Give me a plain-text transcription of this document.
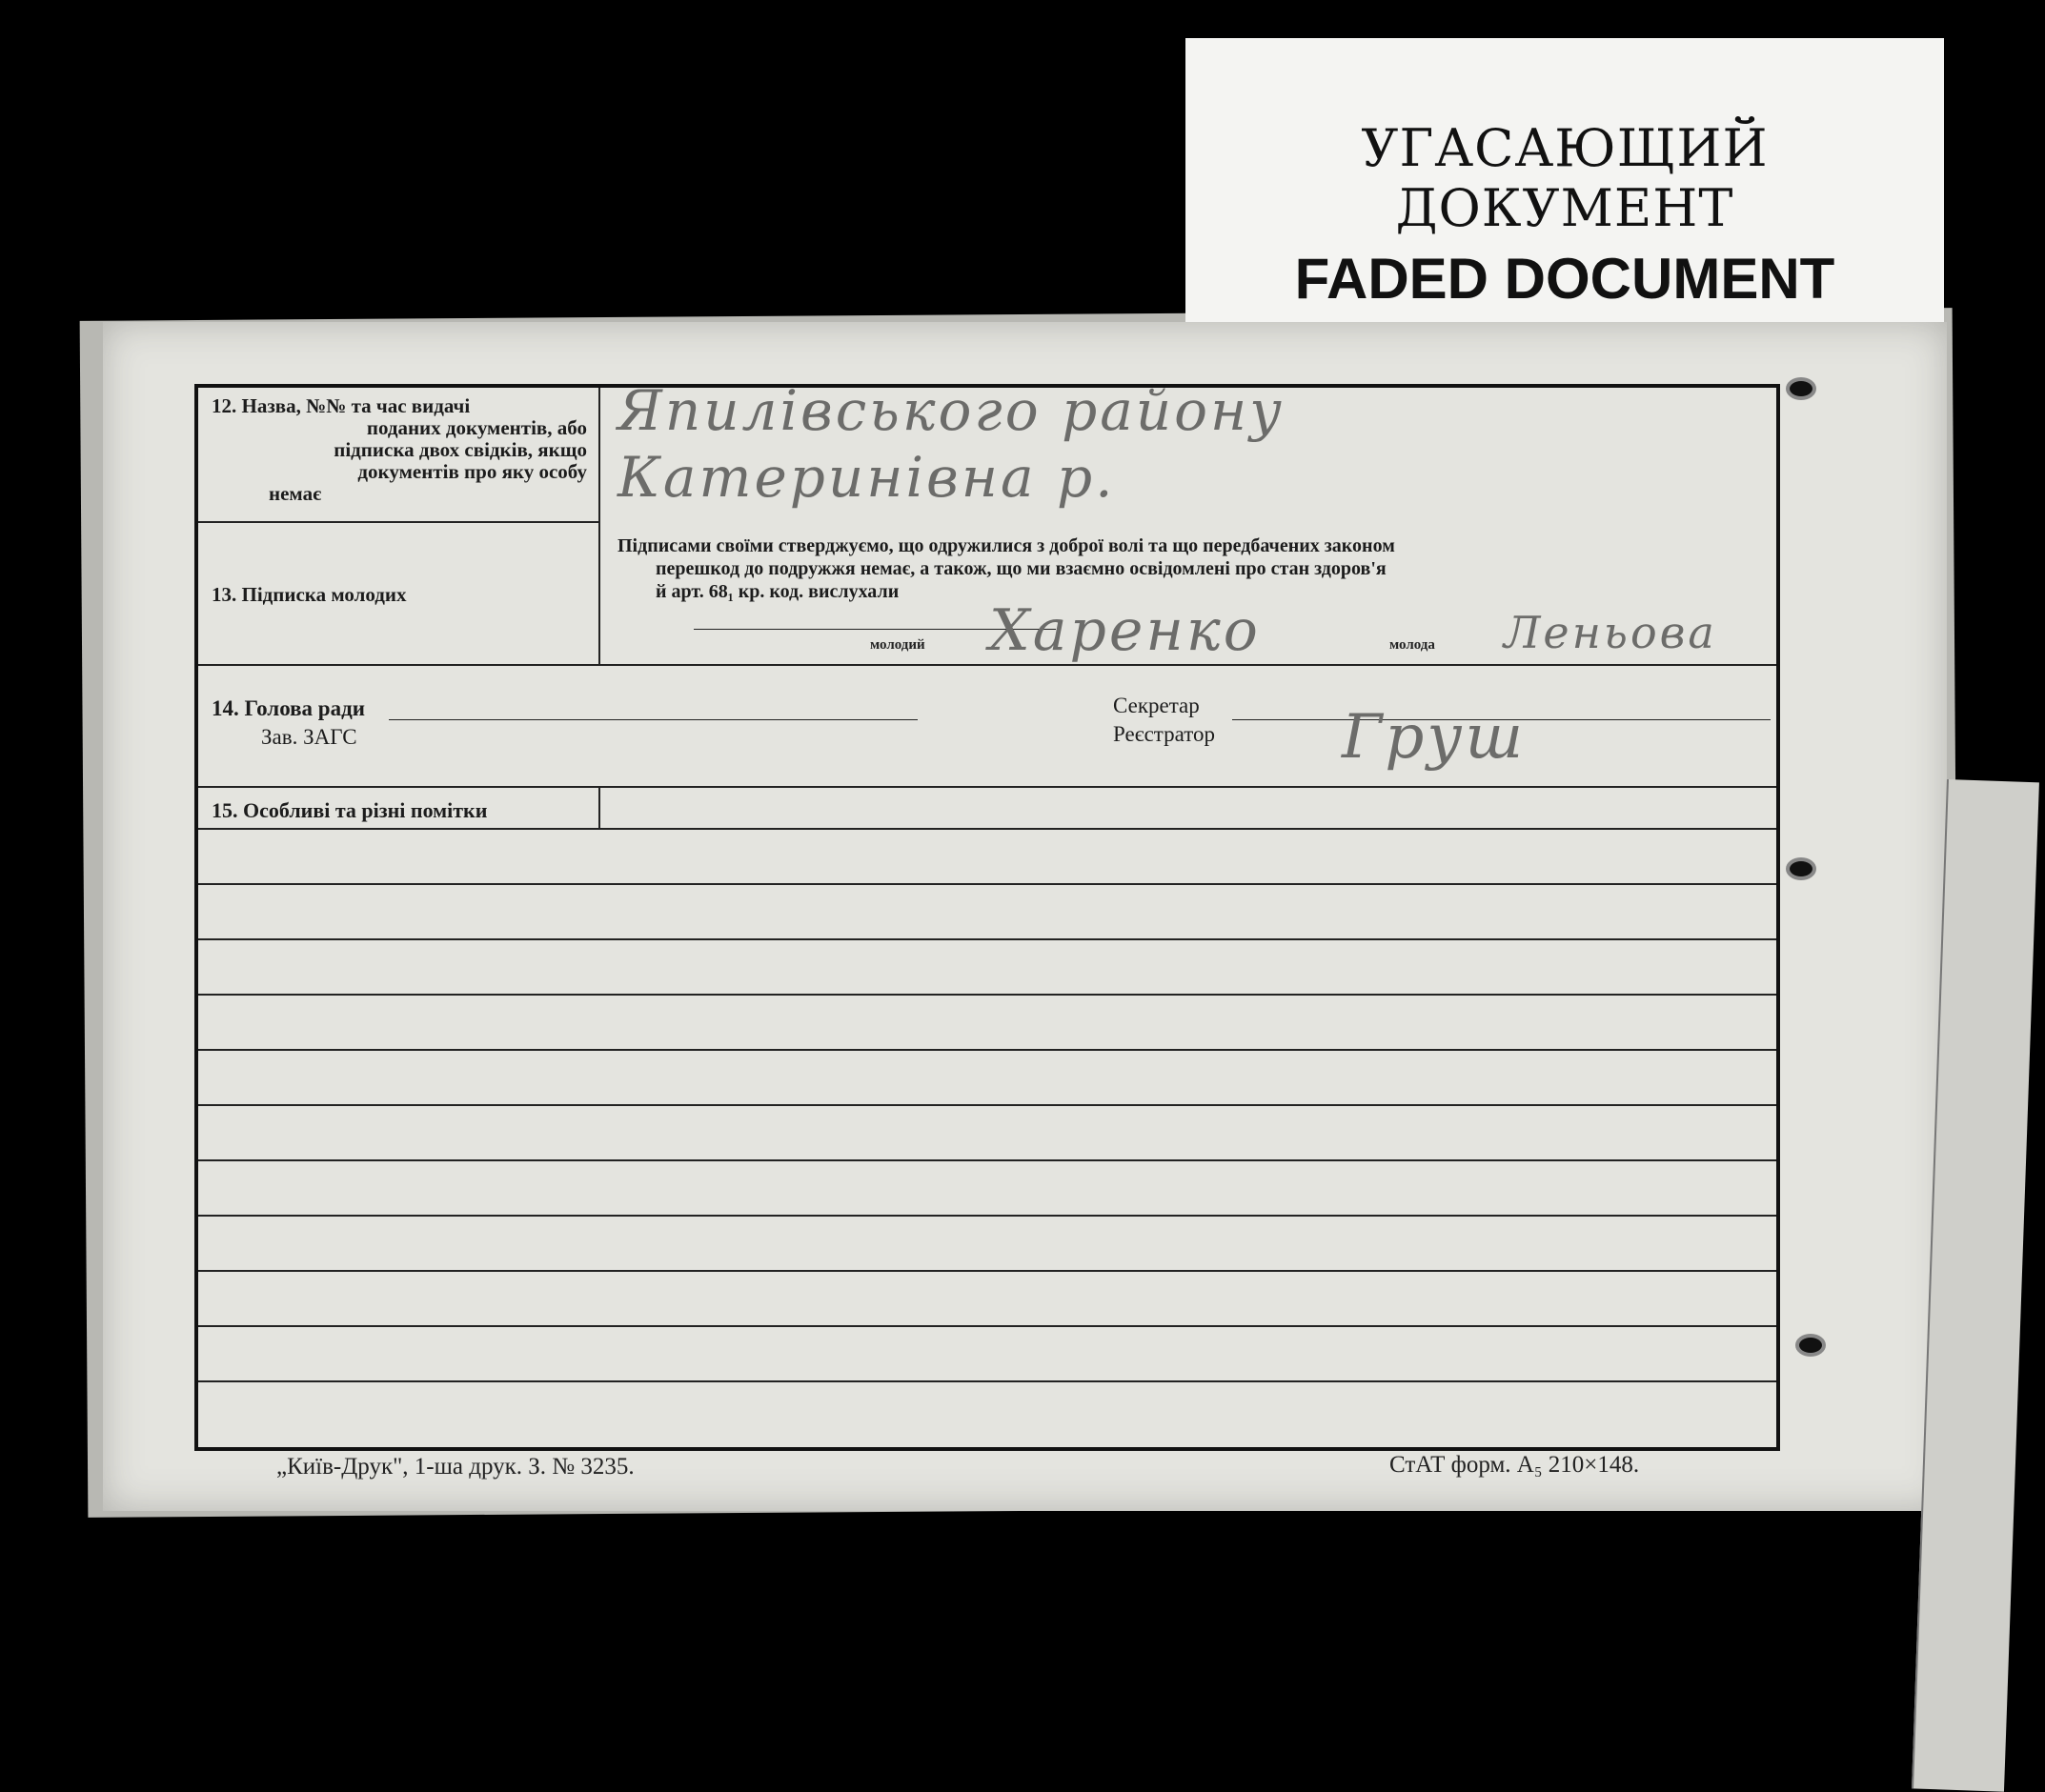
УГАСАЮЩИЙ ДОКУМЕНТ
FADED DOCUMENT
12. Назва, №№ та час видачі
поданих документів, або
підписка двох свідків, якщо
документів про яку особу
немає
Япилівського району
Катеринівна р.
13. Підписка молодих
Підписами своїми стверджуємо, що одружилися з доброї волі та що передбачених законом
перешкод до подружжя немає, а також, що ми взаємно освідомлені про стан здоров'я
й арт. 68₁ кр. код. вислухали
молодий Харенко	молода Леньова
14. Голова ради
Зав. ЗАГС
Секретар
Реєстратор Груш
15. Особливі та різні помітки
„Київ-Друк", 1-ша друк. З. № 3235.	СтАТ форм. А₅ 210×148.
